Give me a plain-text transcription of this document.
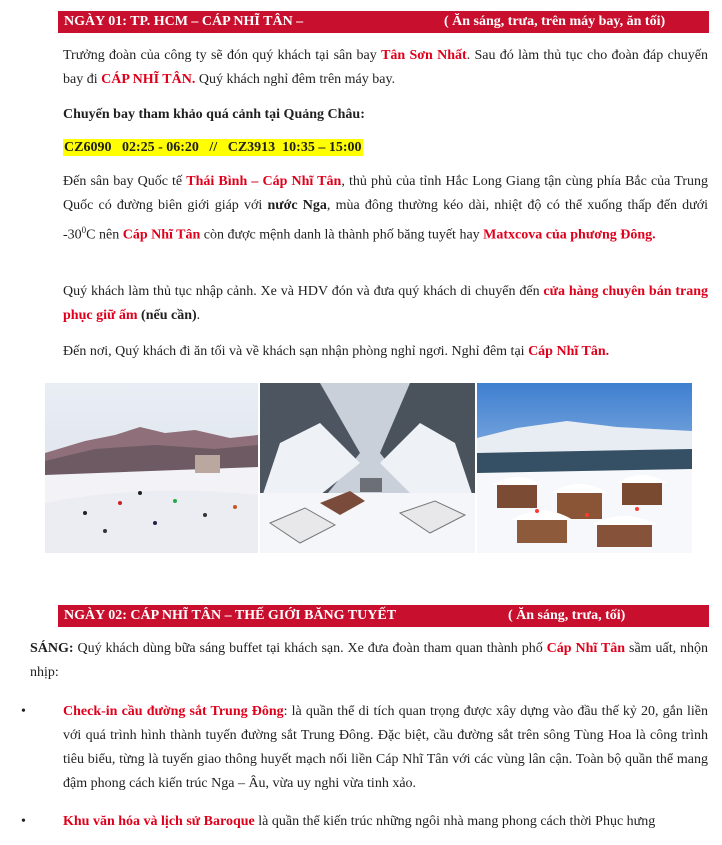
NGÀY 01: TP. HCM – CÁP NHĨ TÂN –	( Ăn sáng, trưa, trên máy bay, ăn tối)

Trưởng đoàn của công ty sẽ đón quý khách tại sân bay Tân Sơn Nhất. Sau đó làm thủ tục cho đoàn đáp chuyến bay đi CÁP NHĨ TÂN. Quý khách nghỉ đêm trên máy bay.

Chuyến bay tham khảo quá cảnh tại Quảng Châu:

CZ6090   02:25 - 06:20   //   CZ3913  10:35 – 15:00

Đến sân bay Quốc tế Thái Bình – Cáp Nhĩ Tân, thủ phủ của tỉnh Hắc Long Giang tận cùng phía Bắc của Trung Quốc có đường biên giới giáp với nước Nga, mùa đông thường kéo dài, nhiệt độ có thể xuống thấp đến dưới $-30^0C$ nên Cáp Nhĩ Tân còn được mệnh danh là thành phố băng tuyết hay Matxcova của phương Đông.

Quý khách làm thủ tục nhập cảnh. Xe và HDV đón và đưa quý khách di chuyển đến cửa hàng chuyên bán trang phục giữ ấm (nếu cần).

Đến nơi, Quý khách đi ăn tối và về khách sạn nhận phòng nghỉ ngơi. Nghỉ đêm tại Cáp Nhĩ Tân.

NGÀY 02: CÁP NHĨ TÂN – THẾ GIỚI BĂNG TUYẾT	( Ăn sáng, trưa, tối)

SÁNG: Quý khách dùng bữa sáng buffet tại khách sạn. Xe đưa đoàn tham quan thành phố Cáp Nhĩ Tân sầm uất, nhộn nhịp:

•	Check-in cầu đường sắt Trung Đông: là quần thể di tích quan trọng được xây dựng vào đầu thế kỷ 20, gắn liền với quá trình hình thành tuyến đường sắt Trung Đông. Đặc biệt, cầu đường sắt trên sông Tùng Hoa là công trình tiêu biểu, từng là tuyến giao thông huyết mạch nối liền Cáp Nhĩ Tân với các vùng lân cận. Toàn bộ quần thể mang đậm phong cách kiến trúc Nga – Âu, vừa uy nghi vừa tinh xảo.

•	Khu văn hóa và lịch sử Baroque là quần thể kiến trúc những ngôi nhà mang phong cách thời Phục hưng
